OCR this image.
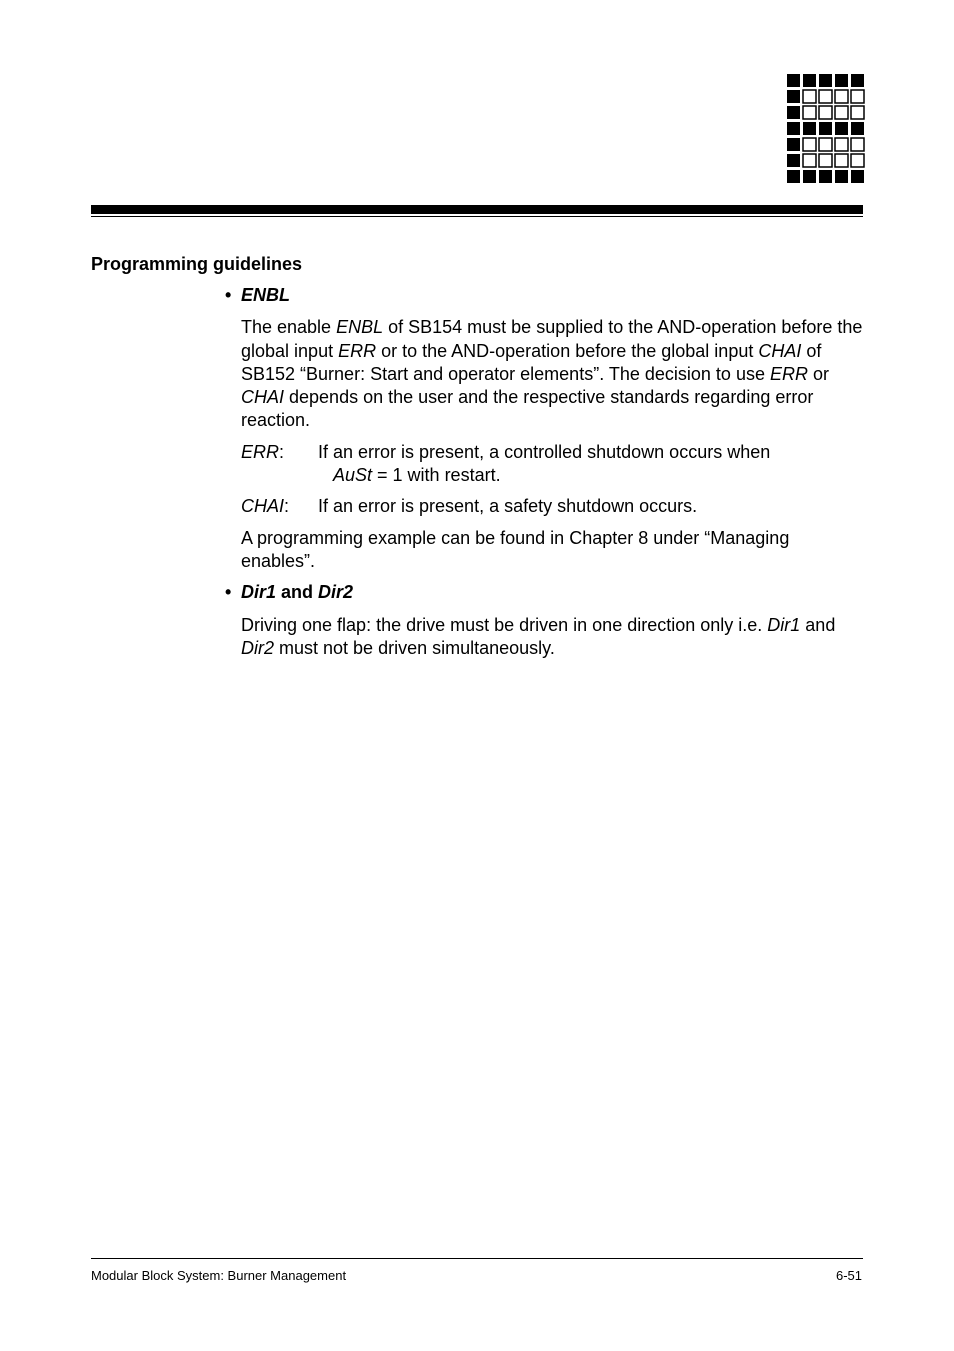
Programming guidelines

• ENBL

The enable ENBL of SB154 must be supplied to the AND-operation before the global input ERR or to the AND-operation before the global input CHAI of SB152 “Burner: Start and operator elements”. The decision to use ERR or CHAI depends on the user and the respective standards regarding error reaction.

ERR:	If an error is present, a controlled shutdown occurs when
AuSt = 1 with restart.
CHAI:	If an error is present, a safety shutdown occurs.

A programming example can be found in Chapter 8 under “Managing enables”.

• Dir1 and Dir2

Driving one flap: the drive must be driven in one direction only i.e. Dir1 and Dir2 must not be driven simultaneously.

Modular Block System: Burner Management	6-51
